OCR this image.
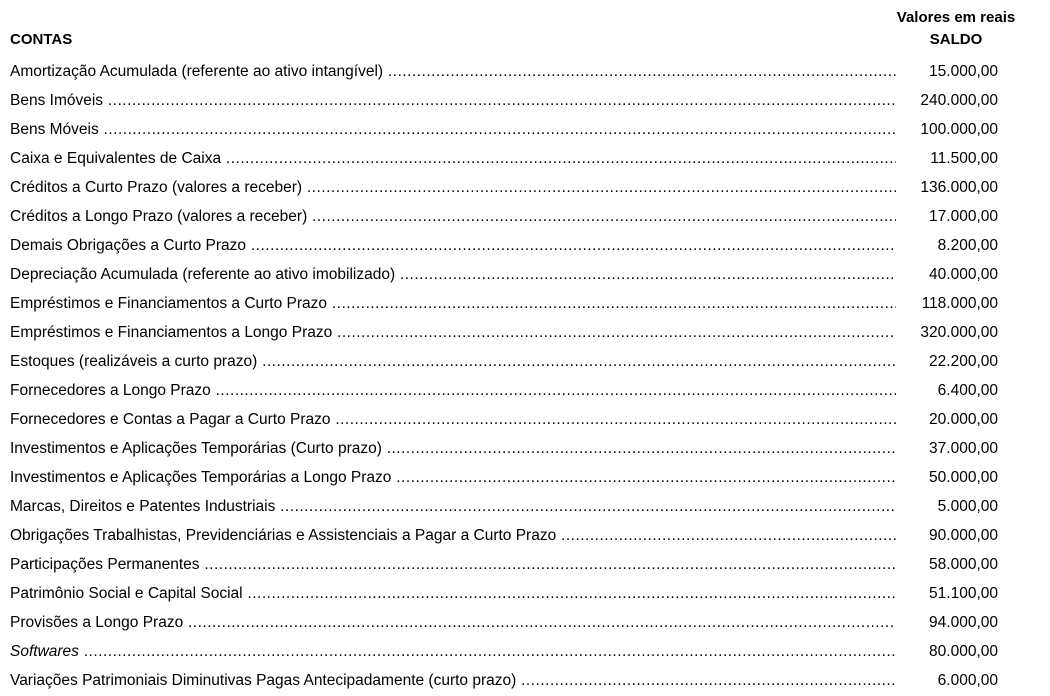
Valores em reais
SALDO
CONTAS
Amortização Acumulada (referente ao ativo intangível) .....	15.000,00
Bens Imóveis .....	240.000,00
Bens Móveis .....	100.000,00
Caixa e Equivalentes de Caixa .....	11.500,00
Créditos a Curto Prazo (valores a receber) .....	136.000,00
Créditos a Longo Prazo (valores a receber) .....	17.000,00
Demais Obrigações a Curto Prazo .....	8.200,00
Depreciação Acumulada (referente ao ativo imobilizado) .....	40.000,00
Empréstimos e Financiamentos a Curto Prazo .....	118.000,00
Empréstimos e Financiamentos a Longo Prazo .....	320.000,00
Estoques (realizáveis a curto prazo) .....	22.200,00
Fornecedores a Longo Prazo .....	6.400,00
Fornecedores e Contas a Pagar a Curto Prazo .....	20.000,00
Investimentos e Aplicações Temporárias (Curto prazo) .....	37.000,00
Investimentos e Aplicações Temporárias a Longo Prazo .....	50.000,00
Marcas, Direitos e Patentes Industriais .....	5.000,00
Obrigações Trabalhistas, Previdenciárias e Assistenciais a Pagar a Curto Prazo .....	90.000,00
Participações Permanentes .....	58.000,00
Patrimônio Social e Capital Social .....	51.100,00
Provisões a Longo Prazo .....	94.000,00
Softwares .....	80.000,00
Variações Patrimoniais Diminutivas Pagas Antecipadamente (curto prazo) .....	6.000,00
